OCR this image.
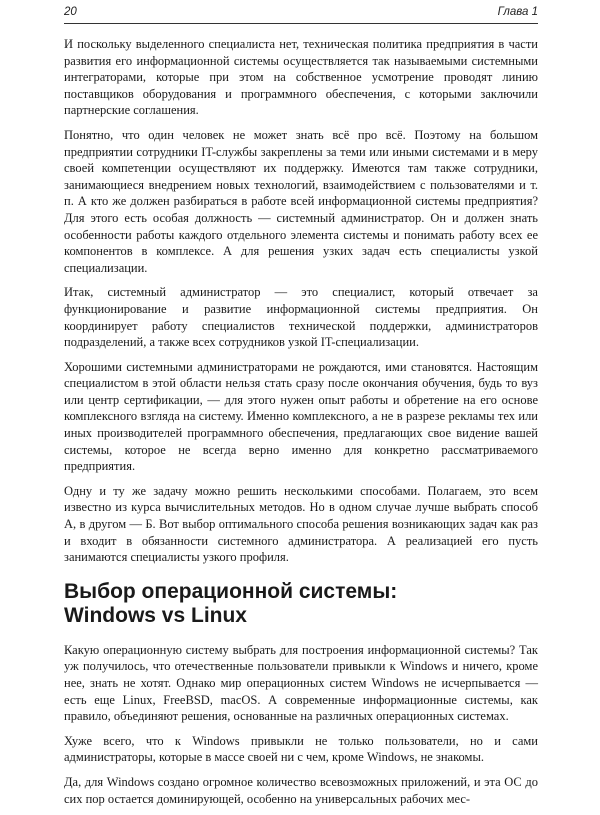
20	Глава 1

И поскольку выделенного специалиста нет, техническая политика предприятия в части развития его информационной системы осуществляется так называемыми системными интеграторами, которые при этом на собственное усмотрение проводят линию поставщиков оборудования и программного обеспечения, с которыми заключили партнерские соглашения.

Понятно, что один человек не может знать всё про всё. Поэтому на большом предприятии сотрудники IT-службы закреплены за теми или иными системами и в меру своей компетенции осуществляют их поддержку. Имеются там также сотрудники, занимающиеся внедрением новых технологий, взаимодействием с пользователями и т. п. А кто же должен разбираться в работе всей информационной системы предприятия? Для этого есть особая должность — системный администратор. Он и должен знать особенности работы каждого отдельного элемента системы и понимать работу всех ее компонентов в комплексе. А для решения узких задач есть специалисты узкой специализации.

Итак, системный администратор — это специалист, который отвечает за функционирование и развитие информационной системы предприятия. Он координирует работу специалистов технической поддержки, администраторов подразделений, а также всех сотрудников узкой IT-специализации.

Хорошими системными администраторами не рождаются, ими становятся. Настоящим специалистом в этой области нельзя стать сразу после окончания обучения, будь то вуз или центр сертификации, — для этого нужен опыт работы и обретение на его основе комплексного взгляда на систему. Именно комплексного, а не в разрезе рекламы тех или иных производителей программного обеспечения, предлагающих свое видение вашей системы, которое не всегда верно именно для конкретно рассматриваемого предприятия.

Одну и ту же задачу можно решить несколькими способами. Полагаем, это всем известно из курса вычислительных методов. Но в одном случае лучше выбрать способ А, в другом — Б. Вот выбор оптимального способа решения возникающих задач как раз и входит в обязанности системного администратора. А реализацией его пусть занимаются специалисты узкого профиля.

Выбор операционной системы:
Windows vs Linux

Какую операционную систему выбрать для построения информационной системы? Так уж получилось, что отечественные пользователи привыкли к Windows и ничего, кроме нее, знать не хотят. Однако мир операционных систем Windows не исчерпывается — есть еще Linux, FreeBSD, macOS. А современные информационные системы, как правило, объединяют решения, основанные на различных операционных системах.

Хуже всего, что к Windows привыкли не только пользователи, но и сами администраторы, которые в массе своей ни с чем, кроме Windows, не знакомы.

Да, для Windows создано огромное количество всевозможных приложений, и эта ОС до сих пор остается доминирующей, особенно на универсальных рабочих мес-
